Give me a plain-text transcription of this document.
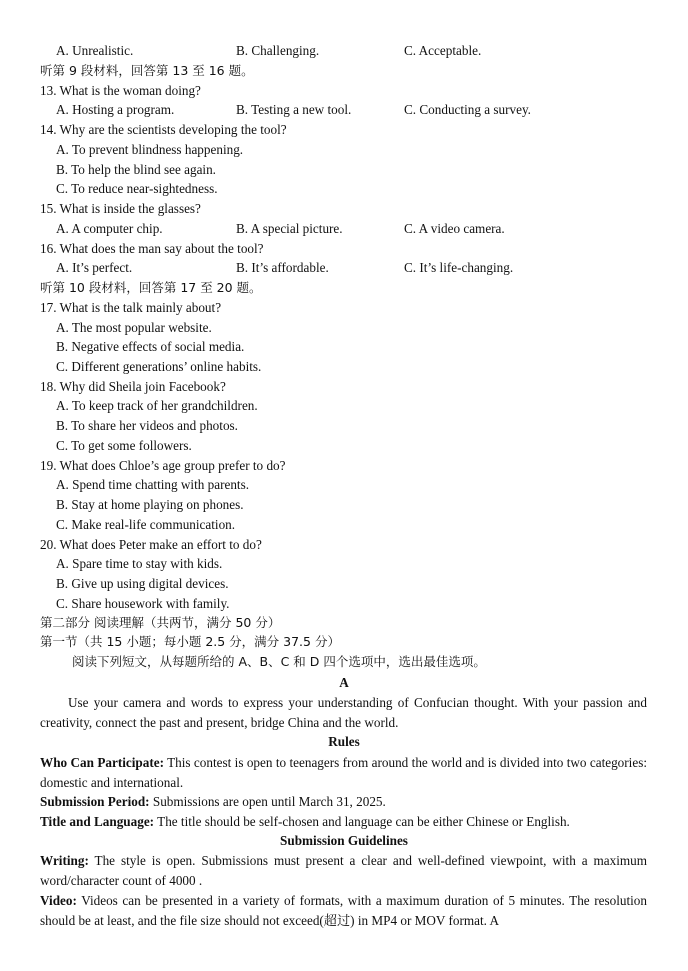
A. Unrealistic.	B. Challenging.	C. Acceptable.
听第 9 段材料，回答第 13 至 16 题。
13. What is the woman doing?
A. Hosting a program.	B. Testing a new tool.	C. Conducting a survey.
14. Why are the scientists developing the tool?
A. To prevent blindness happening.
B. To help the blind see again.
C. To reduce near-sightedness.
15. What is inside the glasses?
A. A computer chip.	B. A special picture.	C. A video camera.
16. What does the man say about the tool?
A. It’s perfect.	B. It’s affordable.	C. It’s life-changing.
听第 10 段材料，回答第 17 至 20 题。
17. What is the talk mainly about?
A. The most popular website.
B. Negative effects of social media.
C. Different generations’ online habits.
18. Why did Sheila join Facebook?
A. To keep track of her grandchildren.
B. To share her videos and photos.
C. To get some followers.
19. What does Chloe’s age group prefer to do?
A. Spend time chatting with parents.
B. Stay at home playing on phones.
C. Make real-life communication.
20. What does Peter make an effort to do?
A. Spare time to stay with kids.
B. Give up using digital devices.
C. Share housework with family.
第二部分 阅读理解（共两节，满分 50 分）
第一节（共 15 小题；每小题 2.5 分，满分 37.5 分）
阅读下列短文，从每题所给的 A、B、C 和 D 四个选项中，选出最佳选项。
A
Use your camera and words to express your understanding of Confucian thought. With your passion and creativity, connect the past and present, bridge China and the world.
Rules
Who Can Participate: This contest is open to teenagers from around the world and is divided into two categories: domestic and international.
Submission Period: Submissions are open until March 31, 2025.
Title and Language: The title should be self-chosen and language can be either Chinese or English.
Submission Guidelines
Writing: The style is open. Submissions must present a clear and well-defined viewpoint, with a maximum word/character count of 4000 .
Video: Videos can be presented in a variety of formats, with a maximum duration of 5 minutes. The resolution should be at least, and the file size should not exceed(超过) in MP4 or MOV format. A
